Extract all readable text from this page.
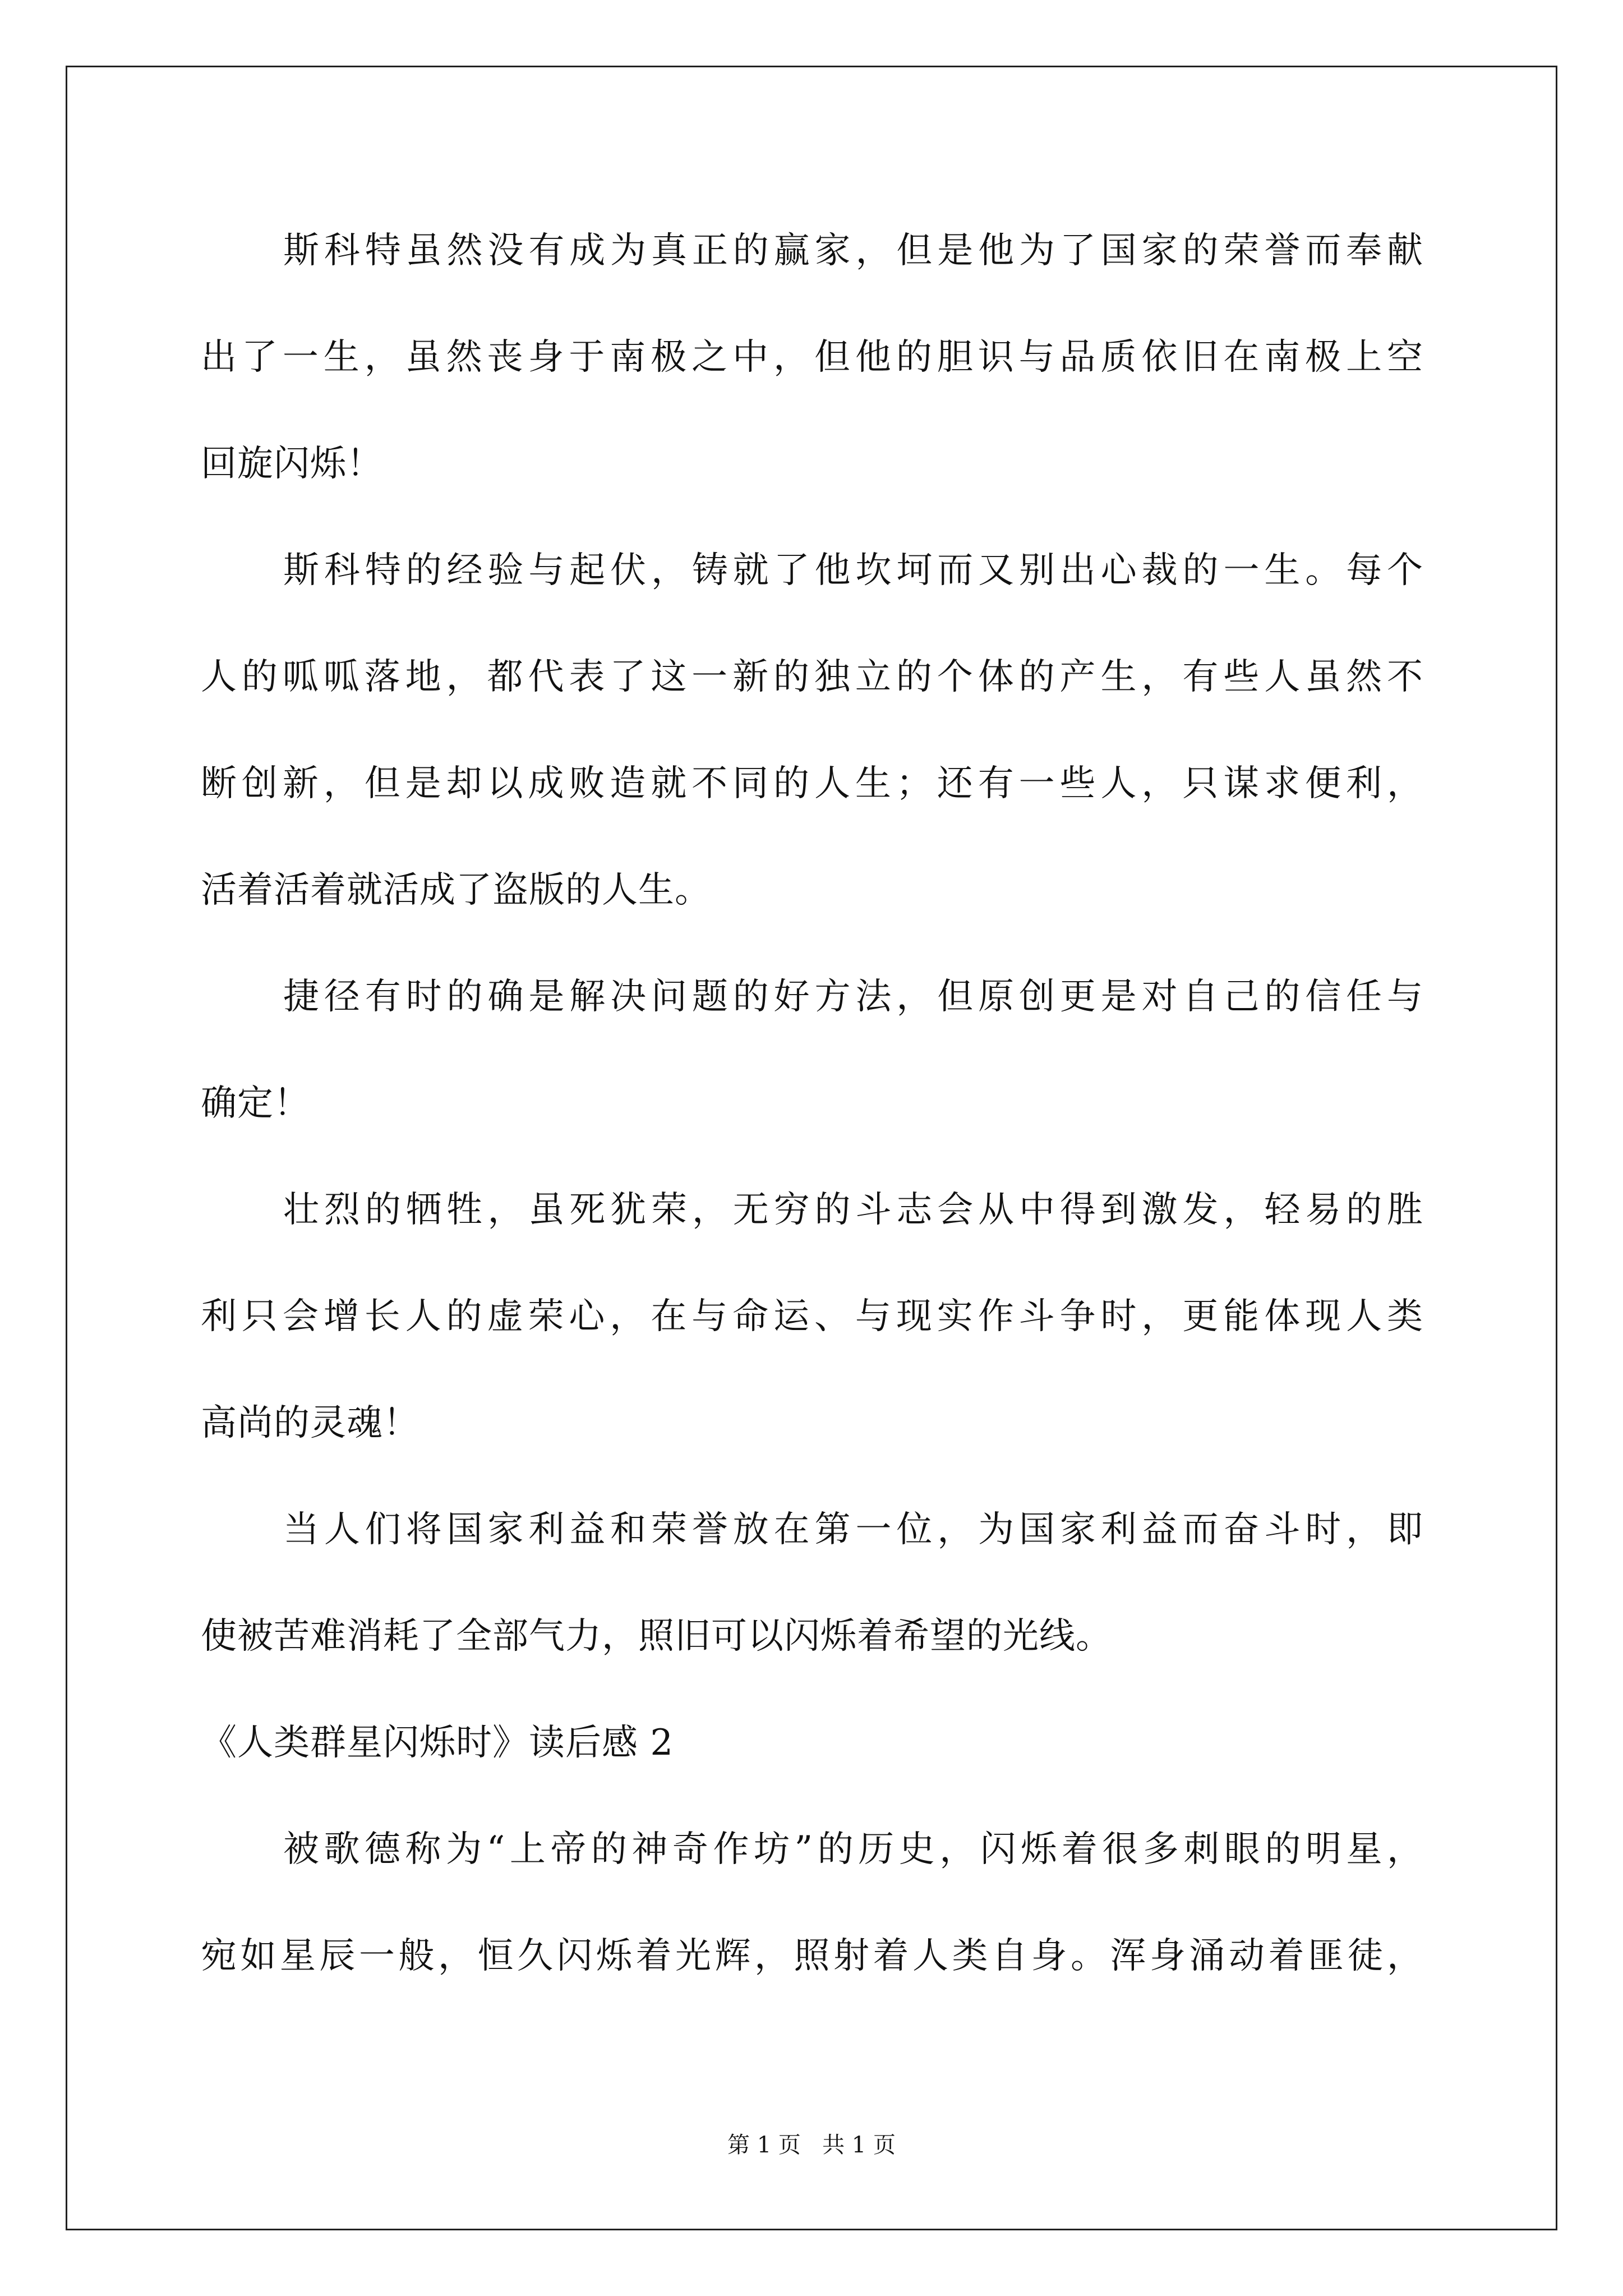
斯科特虽然没有成为真正的赢家，但是他为了国家的荣誉而奉献
出了一生，虽然丧身于南极之中，但他的胆识与品质依旧在南极上空
回旋闪烁！
斯科特的经验与起伏，铸就了他坎坷而又别出心裁的一生。每个
人的呱呱落地，都代表了这一新的独立的个体的产生，有些人虽然不
断创新，但是却以成败造就不同的人生；还有一些人，只谋求便利，
活着活着就活成了盗版的人生。
捷径有时的确是解决问题的好方法，但原创更是对自己的信任与
确定！
壮烈的牺牲，虽死犹荣，无穷的斗志会从中得到激发，轻易的胜
利只会增长人的虚荣心，在与命运、与现实作斗争时，更能体现人类
高尚的灵魂！
当人们将国家利益和荣誉放在第一位，为国家利益而奋斗时，即
使被苦难消耗了全部气力，照旧可以闪烁着希望的光线。
《人类群星闪烁时》读后感 2
被歌德称为“上帝的神奇作坊”的历史，闪烁着很多刺眼的明星，
宛如星辰一般，恒久闪烁着光辉，照射着人类自身。浑身涌动着匪徒，
第 1 页   共 1 页
